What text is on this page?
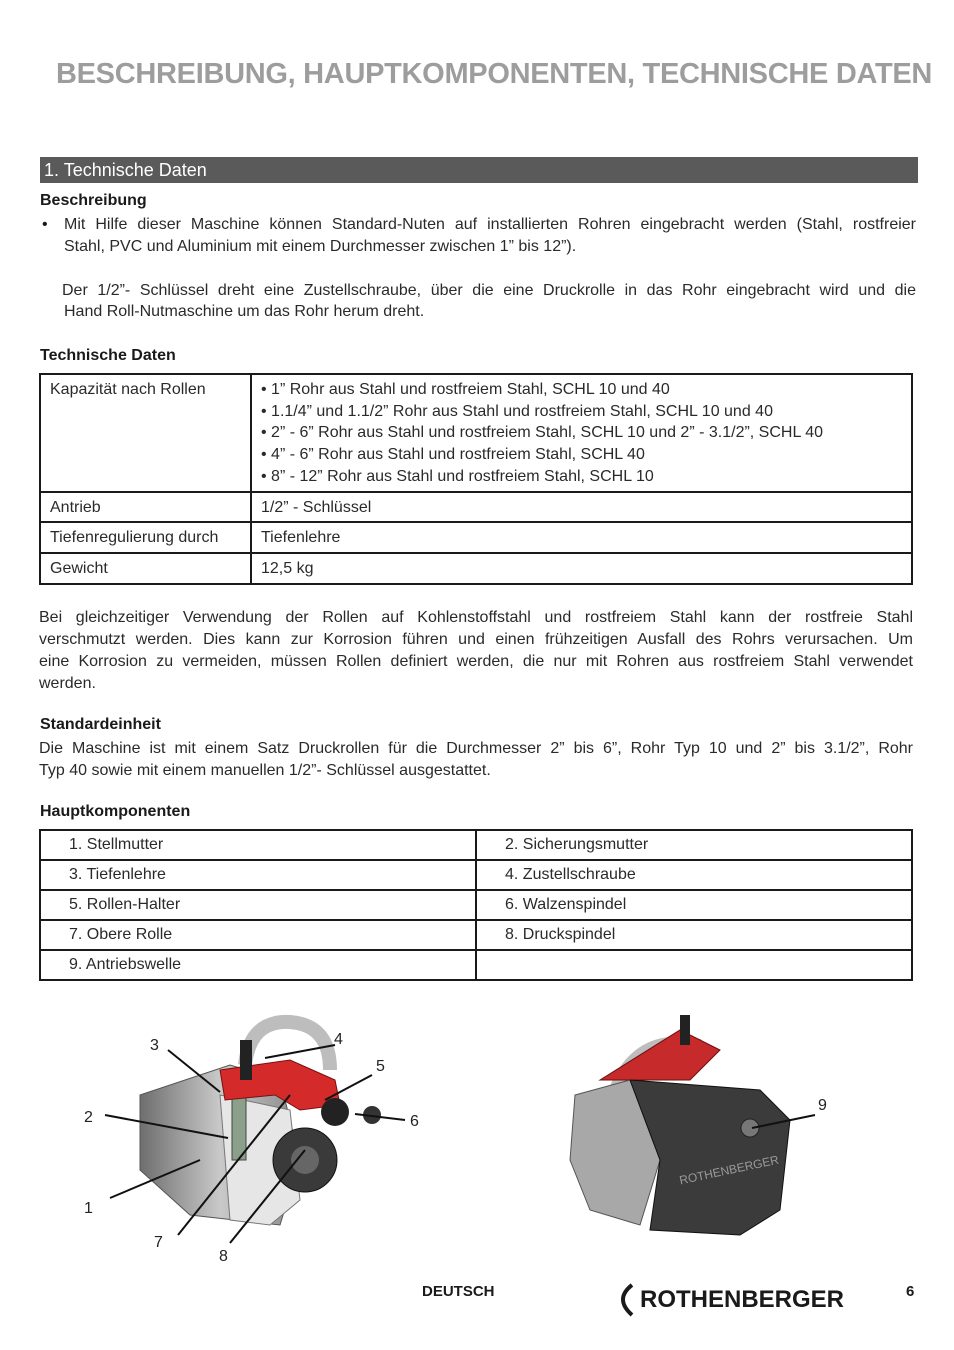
BESCHREIBUNG, HAUPTKOMPONENTEN, TECHNISCHE DATEN
1. Technische Daten
Beschreibung
• Mit Hilfe dieser Maschine können Standard-Nuten auf installierten Rohren eingebracht werden (Stahl, rostfreier
Stahl, PVC und Aluminium mit einem Durchmesser zwischen 1” bis 12”).
Der 1/2”- Schlüssel dreht eine Zustellschraube, über die eine Druckrolle in das Rohr eingebracht wird und die
Hand Roll-Nutmaschine um das Rohr herum dreht.
Technische Daten
Kapazität nach Rollen	• 1” Rohr aus Stahl und rostfreiem Stahl, SCHL 10 und 40
• 1.1/4” und 1.1/2” Rohr aus Stahl und rostfreiem Stahl, SCHL 10 und 40
• 2” - 6” Rohr aus Stahl und rostfreiem Stahl, SCHL 10 und 2” - 3.1/2”, SCHL 40
• 4” - 6” Rohr aus Stahl und rostfreiem Stahl, SCHL 40
• 8” - 12” Rohr aus Stahl und rostfreiem Stahl, SCHL 10

Antrieb	1/2” - Schlüssel
Tiefenregulierung durch	Tiefenlehre
Gewicht	12,5 kg
Bei gleichzeitiger Verwendung der Rollen auf Kohlenstoffstahl und rostfreiem Stahl kann der rostfreie Stahl
verschmutzt werden. Dies kann zur Korrosion führen und einen frühzeitigen Ausfall des Rohrs verursachen. Um
eine Korrosion zu vermeiden, müssen Rollen definiert werden, die nur mit Rohren aus rostfreiem Stahl verwendet
werden.
Standardeinheit
Die Maschine ist mit einem Satz Druckrollen für die Durchmesser 2” bis 6”, Rohr Typ 10 und 2” bis 3.1/2”, Rohr
Typ 40 sowie mit einem manuellen 1/2”- Schlüssel ausgestattet.
Hauptkomponenten
1. Stellmutter	2. Sicherungsmutter
3. Tiefenlehre	4. Zustellschraube
5. Rollen-Halter	6. Walzenspindel
7. Obere Rolle	8. Druckspindel
9. Antriebswelle	
1
2
3	4
5
6
7
8
ROTHENBERGER
9
DEUTSCH	ROTHENBERGER	6
